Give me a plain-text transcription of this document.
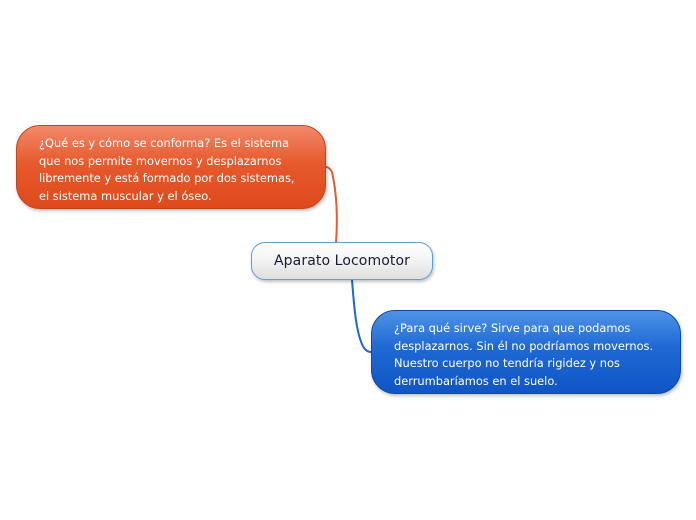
Aparato Locomotor
¿Qué es y cómo se conforma? Es el sistema
que nos permite movernos y desplazarnos
libremente y está formado por dos sistemas,
el sistema muscular y el óseo.
¿Para qué sirve? Sirve para que podamos
desplazarnos. Sin él no podríamos movernos.
Nuestro cuerpo no tendría rigidez y nos
derrumbaríamos en el suelo.
